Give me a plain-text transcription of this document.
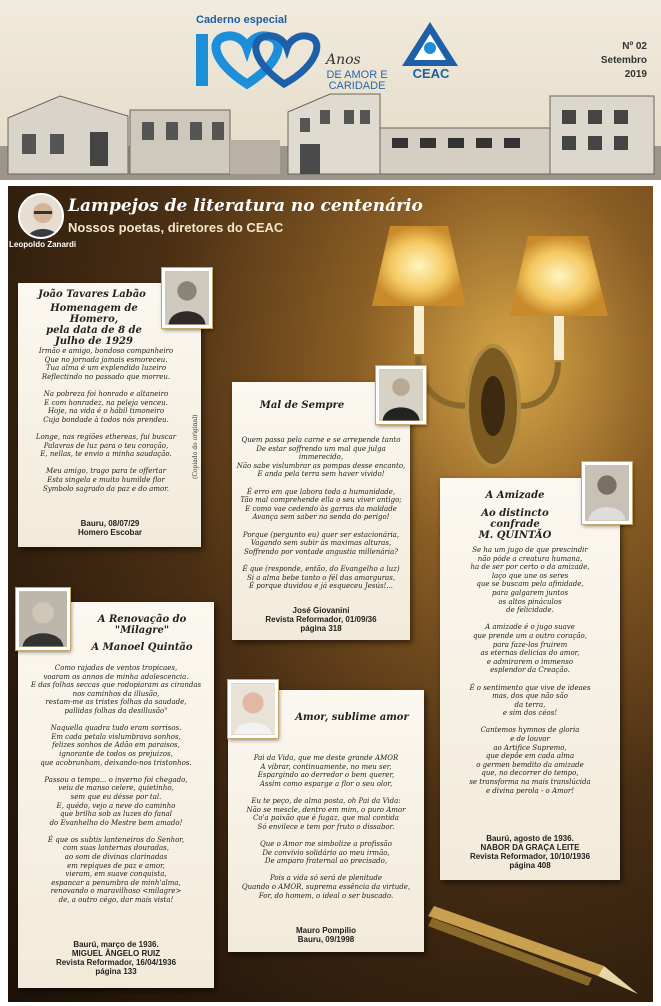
Caderno especial
Anos
DE AMOR E
CARIDADE
CEAC
Nº 02
Setembro
2019
Leopoldo Zanardi
Lampejos de literatura no centenário
Nossos poetas, diretores do CEAC
João Tavares Labão
Homenagem de Homero,
pela data de 8 de
Julho de 1929
Irmão e amigo, bondoso companheiro
Que no jornada jamais esmoreceu.
Tua alma é um explendido luzeiro
Reflectindo no passado que morreu.

Na pobreza foi honrado e altaneiro
E com honradez, na peleja venceu.
Hoje, na vida é o hábil timoneiro
Cuja bondade à todos nós prendeu.

Longe, nas regiões ethereas, fui buscar
Palavras de luz para o teu coração,
E, nellas, te envio a minha saudação.

Meu amigo, trago para te offertar
Esta singela e muito humilde flor
Symbolo sagrado da paz e do amor.
(Copiado do original)
Bauru, 08/07/29
Homero Escobar
Mal de Sempre
Quem passa pela carne e se arrepende tanto
De estar soffrendo um mal que julga immerecido,
Não sabe vislumbrar as pompas desse encanto,
E anda pela terra sem haver vivido!

É erro em que labora toda a humanidade,
Tão mal comprehende ella o seu viver antigo;
E como vae cedendo às garras da maldade
Avança sem saber na senda do perigo!

Porque (pergunto eu) quer ser estacionária,
Vagando sem subir às maximas alturas,
Soffrendo por vontade angustia millenária?

É que (responde, então, do Evangelho a luz)
Si a alma bebe tanto o fél das amarguras,
É porque duvidou e já esqueceu Jesús!...
José Giovanini
Revista Reformador, 01/09/36
página 318
A Amizade
Ao distincto
confrade
M. QUINTÃO
Se ha um jugo de que prescindir
não póde a creatura humana,
ha de ser por certo o da amizade,
laço que une os seres
que se buscam pela afinidade,
para galgarem juntos
os altos pináculos
de felicidade.

A amizade é o jugo suave
que prende um a outro coração,
para faze-los fruirem
as eternas delicias do amor,
e admirarem o immenso
esplendor da Creação.

É o sentimento que vive de ideaes
mas, dos que não são
da terra,
e sim dos céos!

Cantemos hymnos de gloria
e de louvor
ao Artifice Supremo,
que depôe em cada alma
o germen bemdito da amizade
que, no decorrer do tempo,
se transforma na mais translúcida
e divina perola - o Amor!
Baurú, agosto de 1936.
NABOR DA GRAÇA LEITE
Revista Reformador, 10/10/1936
página 408
A Renovação do
"Milagre"
A Manoel Quintão
Como rajadas de ventos tropicaes,
voaram os annos de minha adolescencia.
E das folhas seccas que rodopiaram as cirandas
nos caminhos da illusão,
restam-me as tristes folhas da saudade,
pallidas folhas da desillusão"

Naquella quadra tudo eram sorrisos.
Em cada petala vislumbrava sonhos,
felizes sonhos de Adão em paraisos,
ignorante de todos os prejuizos,
que acobrunham, deixando-nos tristonhos.

Passou o tempo... o inverno foi chegado,
veiu de manso celere, quietinho,
sem que eu désse por tal.
E, quédo, vejo a neve do caminho
que brilha sob as luzes do fanal
do Evanhelho do Mestre bem amado!

É que os subtis lanteneiros do Senhor,
com suas lanternas douradas,
ao som de divinas clarinadas
em repiques de paz e amor,
vieram, em suave conquista,
espancar a penumbra de minh'alma,
renovando o maravilhoso <milagre>
de, a outro cégo, dar mais vista!
Baurú, março de 1936.
MIGUEL ÂNGELO RUIZ
Revista Reformador, 16/04/1936
página 133
Amor, sublime amor
Pai da Vida, que me deste grande AMOR
A vibrar, continuamente, no meu ser,
Espargindo ao derredor o bem querer,
Assim como esparge a flor o seu olor,

Eu te peço, de alma posta, oh Pai da Vida:
Não se mescle, dentro em mim, o puro Amor
Co'a paixão que é fugaz, que mal contida
Só envilece e tem por fruto o dissabor.

Que o Amor me simbolize a profissão
De convívio solidário ao meu irmão,
De amparo fraternal ao precisado,

Pois a vida só será de plenitude
Quando o AMOR, suprema essência da virtude,
For, do homem, o ideal o ser buscado.
Mauro Pompilio
Bauru, 09/1998
